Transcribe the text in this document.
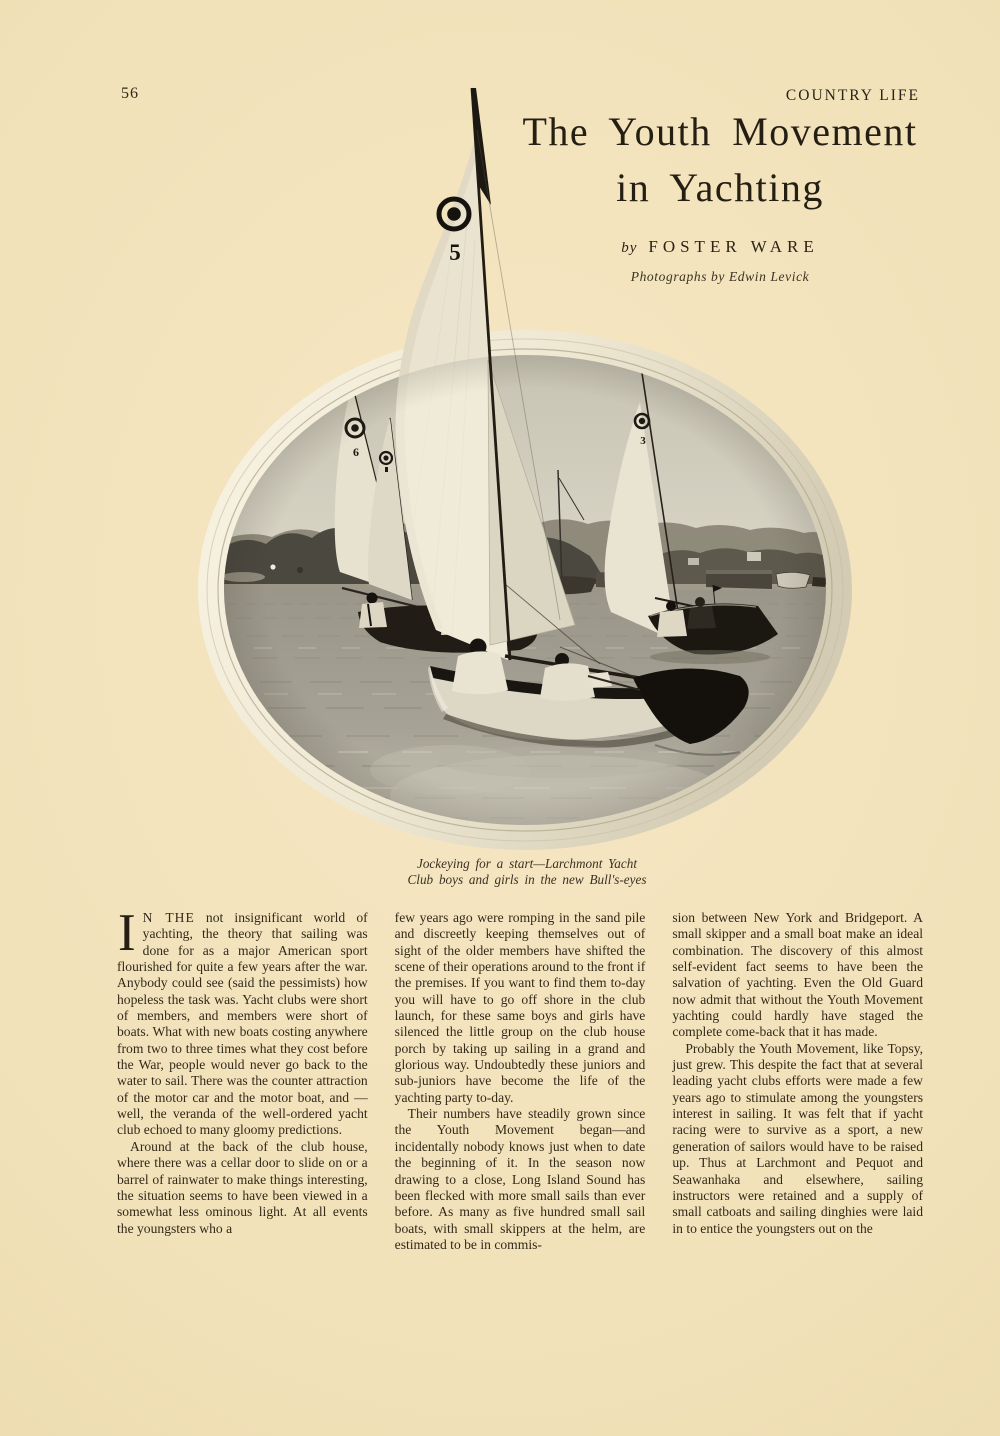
56	COUNTRY LIFE
The Youth Movement
in Yachting
by FOSTER WARE
Photographs by Edwin Levick
5
Jockeying for a start—Larchmont Yacht
Club boys and girls in the new Bull's-eyes

I N THE not insignificant world of yachting, the theory that sailing was done for as a major American sport flourished for quite a few years after the war. Anybody could see (said the pessimists) how hopeless the task was. Yacht clubs were short of members, and members were short of boats. What with new boats costing anywhere from two to three times what they cost before the War, people would never go back to the water to sail. There was the counter attraction of the motor car and the motor boat, and —well, the veranda of the well-ordered yacht club echoed to many gloomy predictions.

Around at the back of the club house, where there was a cellar door to slide on or a barrel of rainwater to make things interesting, the situation seems to have been viewed in a somewhat less ominous light. At all events the youngsters who a

few years ago were romping in the sand pile and discreetly keeping themselves out of sight of the older members have shifted the scene of their operations around to the front if the premises. If you want to find them to-day you will have to go off shore in the club launch, for these same boys and girls have silenced the little group on the club house porch by taking up sailing in a grand and glorious way. Undoubtedly these juniors and sub-juniors have become the life of the yachting party to-day.

Their numbers have steadily grown since the Youth Movement began—and incidentally nobody knows just when to date the beginning of it. In the season now drawing to a close, Long Island Sound has been flecked with more small sails than ever before. As many as five hundred small sail boats, with small skippers at the helm, are estimated to be in commis-

sion between New York and Bridgeport. A small skipper and a small boat make an ideal combination. The discovery of this almost self-evident fact seems to have been the salvation of yachting. Even the Old Guard now admit that without the Youth Movement yachting could hardly have staged the complete come-back that it has made.

Probably the Youth Movement, like Topsy, just grew. This despite the fact that at several leading yacht clubs efforts were made a few years ago to stimulate among the youngsters interest in sailing. It was felt that if yacht racing were to survive as a sport, a new generation of sailors would have to be raised up. Thus at Larchmont and Pequot and Seawanhaka and elsewhere, sailing instructors were retained and a supply of small catboats and sailing dinghies were laid in to entice the youngsters out on the
